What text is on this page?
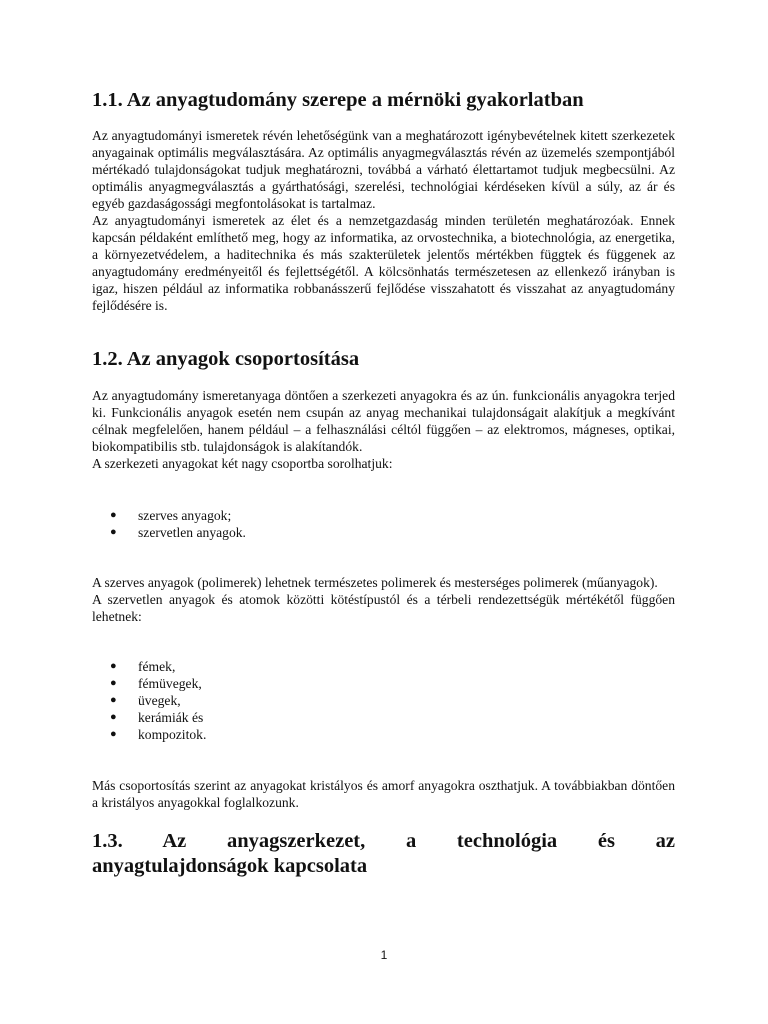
1.1. Az anyagtudomány szerepe a mérnöki gyakorlatban

Az anyagtudományi ismeretek révén lehetőségünk van a meghatározott igénybevételnek kitett szerkezetek anyagainak optimális megválasztására. Az optimális anyagmegválasztás révén az üzemelés szempontjából mértékadó tulajdonságokat tudjuk meghatározni, továbbá a várható élettartamot tudjuk megbecsülni. Az optimális anyagmegválasztás a gyárthatósági, szerelési, technológiai kérdéseken kívül a súly, az ár és egyéb gazdaságossági megfontolásokat is tartalmaz.

Az anyagtudományi ismeretek az élet és a nemzetgazdaság minden területén meghatározóak. Ennek kapcsán példaként említhető meg, hogy az informatika, az orvostechnika, a biotechnológia, az energetika, a környezetvédelem, a haditechnika és más szakterületek jelentős mértékben függtek és függenek az anyagtudomány eredményeitől és fejlettségétől. A kölcsönhatás természetesen az ellenkező irányban is igaz, hiszen például az informatika robbanásszerű fejlődése visszahatott és visszahat az anyagtudomány fejlődésére is.

1.2. Az anyagok csoportosítása

Az anyagtudomány ismeretanyaga döntően a szerkezeti anyagokra és az ún. funkcionális anyagokra terjed ki. Funkcionális anyagok esetén nem csupán az anyag mechanikai tulajdonságait alakítjuk a megkívánt célnak megfelelően, hanem például – a felhasználási céltól függően – az elektromos, mágneses, optikai, biokompatibilis stb. tulajdonságok is alakítandók.

A szerkezeti anyagokat két nagy csoportba sorolhatjuk:

● szerves anyagok;
● szervetlen anyagok.

A szerves anyagok (polimerek) lehetnek természetes polimerek és mesterséges polimerek (műanyagok).

A szervetlen anyagok és atomok közötti kötéstípustól és a térbeli rendezettségük mértékétől függően lehetnek:

● fémek,
● fémüvegek,
● üvegek,
● kerámiák és
● kompozitok.

Más csoportosítás szerint az anyagokat kristályos és amorf anyagokra oszthatjuk. A továbbiakban döntően a kristályos anyagokkal foglalkozunk.

1.3. Az anyagszerkezet, a technológia és az
anyagtulajdonságok kapcsolata
1
